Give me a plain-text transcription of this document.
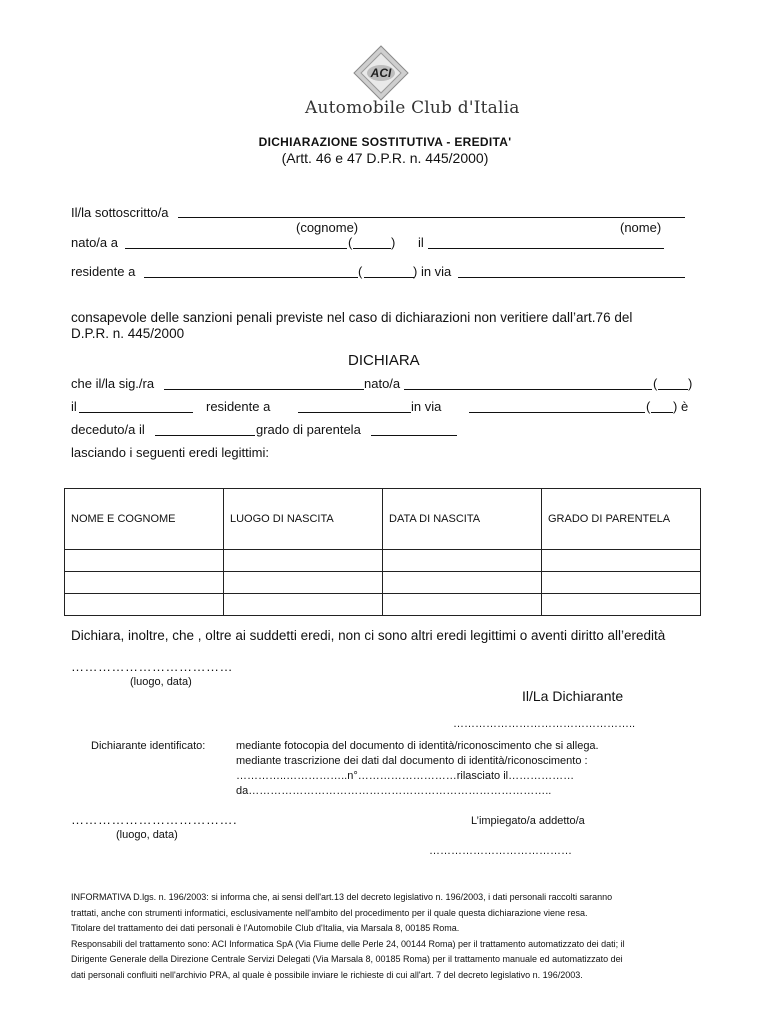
ACI
Automobile Club d'Italia
DICHIARAZIONE SOSTITUTIVA - EREDITA'
(Artt. 46 e 47 D.P.R. n. 445/2000)
Il/la sottoscritto/a
(cognome)	(nome)
nato/a a	(	) il
residente a	(	) in via
consapevole delle sanzioni penali previste nel caso di dichiarazioni non veritiere dall’art.76 del
D.P.R. n. 445/2000
DICHIARA
che il/la sig./ra	nato/a	( )
il	residente a	in via	( ) è
deceduto/a il	grado di parentela
lasciando i seguenti eredi legittimi:
NOME E COGNOME	LUOGO DI NASCITA	DATA DI NASCITA	GRADO DI PARENTELA

Dichiara, inoltre, che , oltre ai suddetti eredi, non ci sono altri eredi legittimi o aventi diritto all’eredità
………………………………
(luogo, data)
Il/La Dichiarante
…………………………………………..
Dichiarante identificato:	mediante fotocopia del documento di identità/riconoscimento che si allega.
mediante trascrizione dei dati dal documento di identità/riconoscimento :
…………..……………..n°………………………rilasciato il………………
da………………………………………………………………………..
……………………………….
(luogo, data)
L’impiegato/a addetto/a
…………………………………
INFORMATIVA D.lgs. n. 196/2003: si informa che, ai sensi dell'art.13 del decreto legislativo n. 196/2003, i dati personali raccolti saranno
trattati, anche con strumenti informatici, esclusivamente nell'ambito del procedimento per il quale questa dichiarazione viene resa.
Titolare del trattamento dei dati personali è l'Automobile Club d'Italia, via Marsala 8, 00185 Roma.
Responsabili del trattamento sono: ACI Informatica SpA (Via Fiume delle Perle 24, 00144 Roma) per il trattamento automatizzato dei dati; il
Dirigente Generale della Direzione Centrale Servizi Delegati (Via Marsala 8, 00185 Roma) per il trattamento manuale ed automatizzato dei
dati personali confluiti nell'archivio PRA, al quale è possibile inviare le richieste di cui all'art. 7 del decreto legislativo n. 196/2003.
